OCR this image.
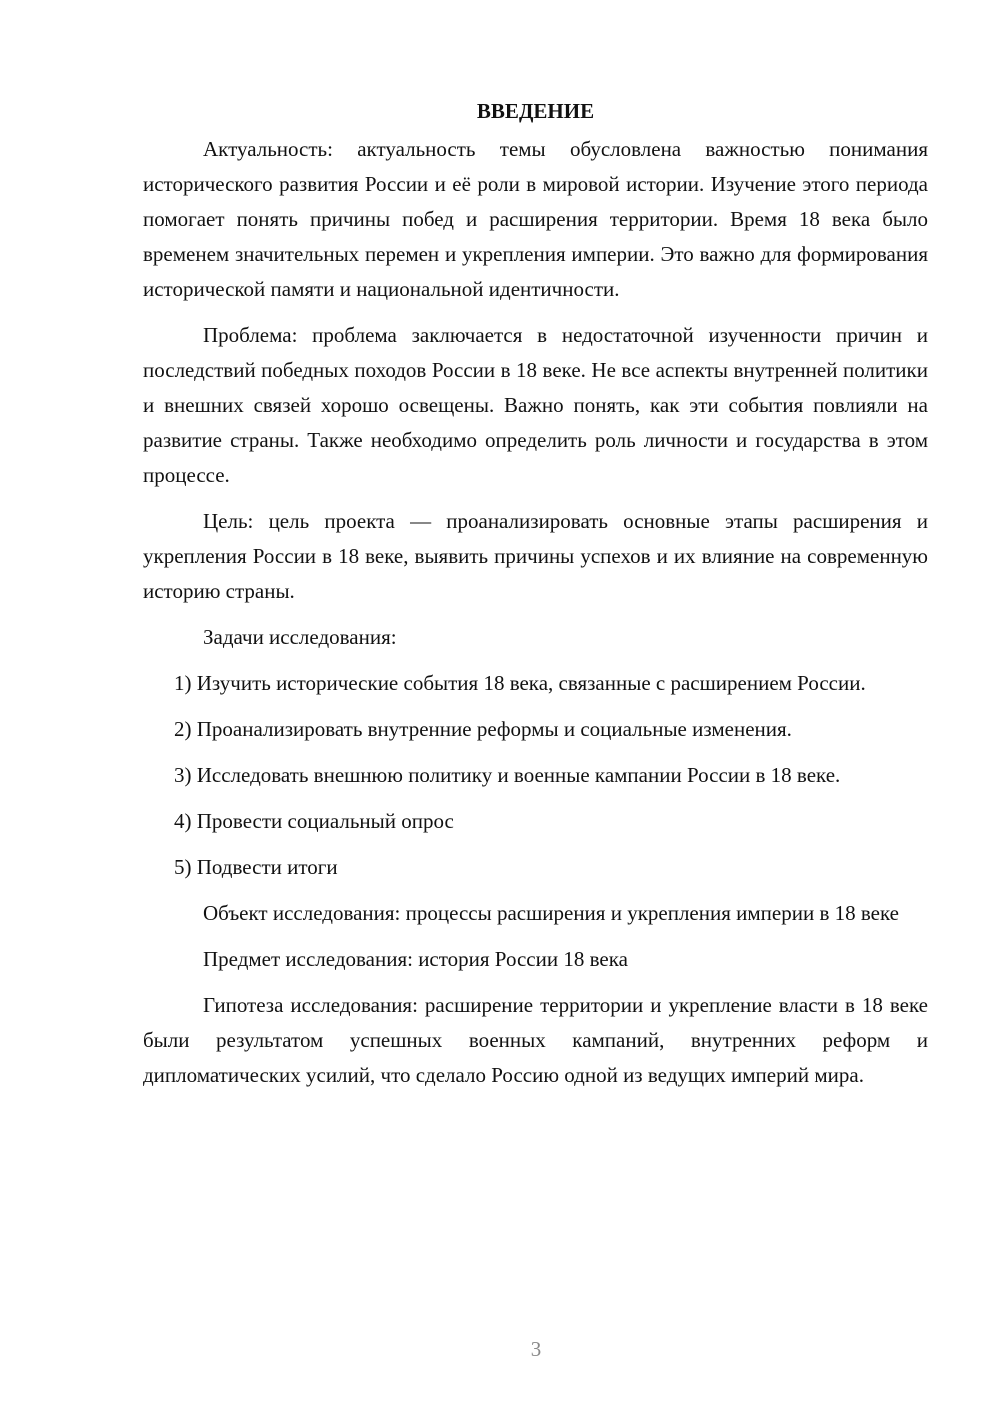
ВВЕДЕНИЕ

Актуальность: актуальность темы обусловлена важностью понимания исторического развития России и её роли в мировой истории. Изучение этого периода помогает понять причины побед и расширения территории. Время 18 века было временем значительных перемен и укрепления империи. Это важно для формирования исторической памяти и национальной идентичности.

Проблема: проблема заключается в недостаточной изученности причин и последствий победных походов России в 18 веке. Не все аспекты внутренней политики и внешних связей хорошо освещены. Важно понять, как эти события повлияли на развитие страны. Также необходимо определить роль личности и государства в этом процессе.

Цель: цель проекта — проанализировать основные этапы расширения и укрепления России в 18 веке, выявить причины успехов и их влияние на современную историю страны.

Задачи исследования:

1) Изучить исторические события 18 века, связанные с расширением России.

2) Проанализировать внутренние реформы и социальные изменения.

3) Исследовать внешнюю политику и военные кампании России в 18 веке.

4) Провести социальный опрос

5) Подвести итоги

Объект исследования: процессы расширения и укрепления империи в 18 веке

Предмет исследования: история России 18 века

Гипотеза исследования: расширение территории и укрепление власти в 18 веке были результатом успешных военных кампаний, внутренних реформ и дипломатических усилий, что сделало Россию одной из ведущих империй мира.

3
